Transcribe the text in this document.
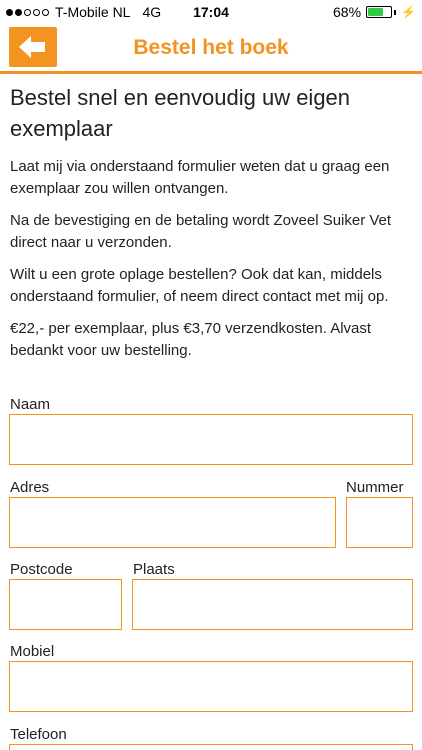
T-Mobile NL 4G	17:04	68%	⚡
Bestel het boek
Bestel snel en eenvoudig uw eigen exemplaar

Laat mij via onderstaand formulier weten dat u graag een exemplaar zou willen ontvangen.

Na de bevestiging en de betaling wordt Zoveel Suiker Vet direct naar u verzonden.

Wilt u een grote oplage bestellen? Ook dat kan, middels onderstaand formulier, of neem direct contact met mij op.

€22,- per exemplaar, plus €3,70 verzendkosten. Alvast bedankt voor uw bestelling.

Naam
Adres	Nummer
Postcode	Plaats
Mobiel
Telefoon
